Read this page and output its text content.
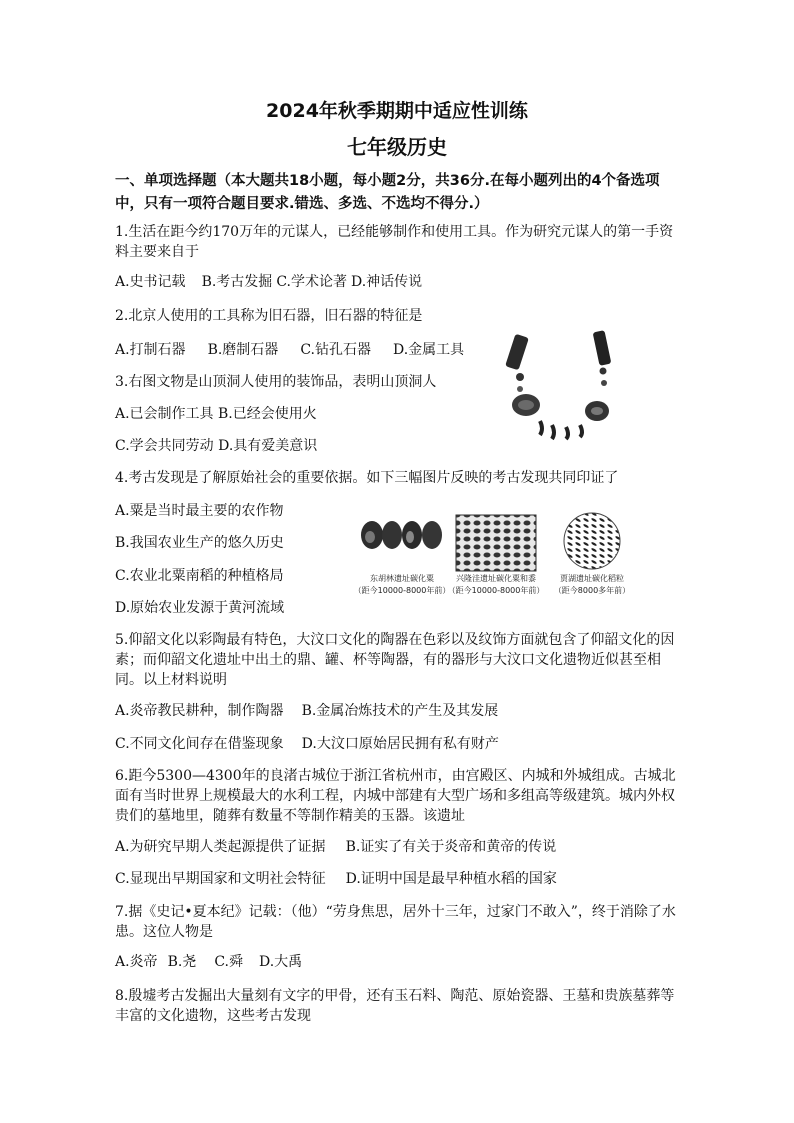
2024年秋季期期中适应性训练
七年级历史
一、单项选择题（本大题共18小题，每小题2分，共36分.在每小题列出的4个备选项中，只有一项符合题目要求.错选、多选、不选均不得分.）
1.生活在距今约170万年的元谋人，已经能够制作和使用工具。作为研究元谋人的第一手资料主要来自于
A.史书记载 B.考古发掘 C.学术论著 D.神话传说
2.北京人使用的工具称为旧石器，旧石器的特征是
A.打制石器 B.磨制石器 C.钻孔石器 D.金属工具
3.右图文物是山顶洞人使用的装饰品，表明山顶洞人
A.已会制作工具 B.已经会使用火
C.学会共同劳动 D.具有爱美意识
4.考古发现是了解原始社会的重要依据。如下三幅图片反映的考古发现共同印证了
A.粟是当时最主要的农作物
B.我国农业生产的悠久历史
C.农业北粟南稻的种植格局
D.原始农业发源于黄河流域
东胡林遗址碳化粟
（距今10000-8000年前）
兴隆洼遗址碳化粟和黍
（距今10000-8000年前）
贾湖遗址碳化稻粒
（距今8000多年前）
5.仰韶文化以彩陶最有特色，大汶口文化的陶器在色彩以及纹饰方面就包含了仰韶文化的因素；而仰韶文化遗址中出土的鼎、罐、杯等陶器，有的器形与大汶口文化遗物近似甚至相同。以上材料说明
A.炎帝教民耕种，制作陶器 B.金属冶炼技术的产生及其发展
C.不同文化间存在借鉴现象 D.大汶口原始居民拥有私有财产
6.距今5300—4300年的良渚古城位于浙江省杭州市，由宫殿区、内城和外城组成。古城北面有当时世界上规模最大的水利工程，内城中部建有大型广场和多组高等级建筑。城内外权贵们的墓地里，随葬有数量不等制作精美的玉器。该遗址
A.为研究早期人类起源提供了证据 B.证实了有关于炎帝和黄帝的传说
C.显现出早期国家和文明社会特征 D.证明中国是最早种植水稻的国家
7.据《史记•夏本纪》记载：（他）“劳身焦思，居外十三年，过家门不敢入”，终于消除了水患。这位人物是
A.炎帝 B.尧 C.舜 D.大禹
8.殷墟考古发掘出大量刻有文字的甲骨，还有玉石料、陶范、原始瓷器、王墓和贵族墓葬等丰富的文化遗物，这些考古发现
